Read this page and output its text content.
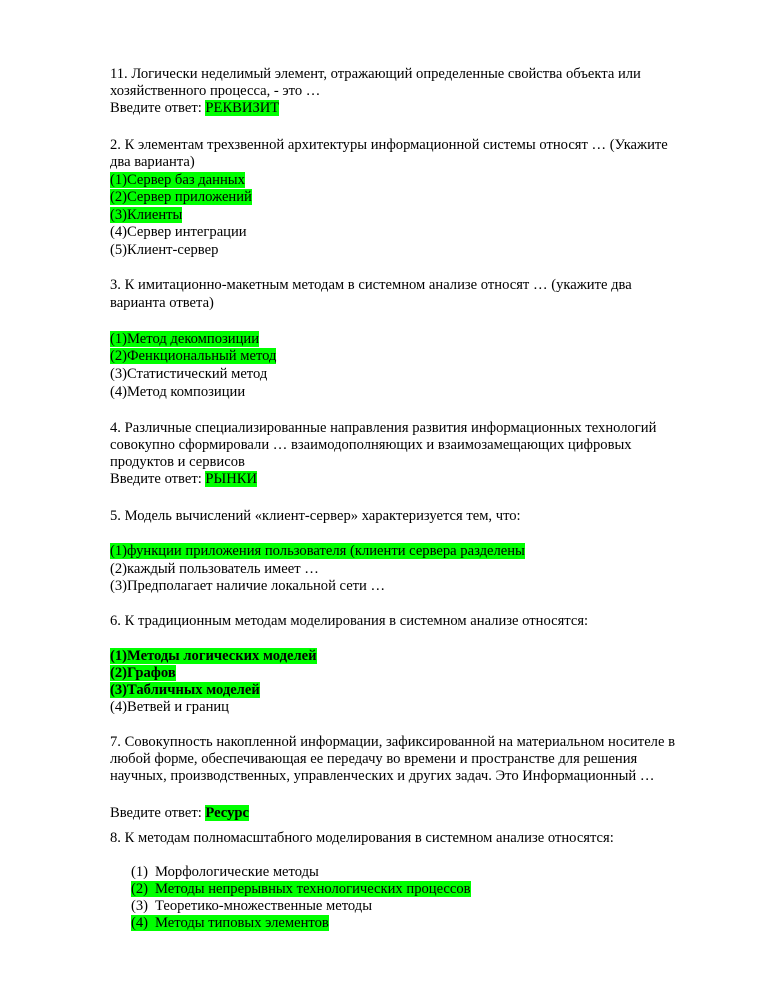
11. Логически неделимый элемент, отражающий определенные свойства объекта или
хозяйственного процесса, - это …
Введите ответ: РЕКВИЗИТ
2. К элементам трехзвенной архитектуры информационной системы относят … (Укажите
два варианта)
(1)Сервер баз данных
(2)Сервер приложений
(3)Клиенты
(4)Сервер интеграции
(5)Клиент-сервер
3. К имитационно-макетным методам в системном анализе относят … (укажите два
варианта ответа)
(1)Метод декомпозиции
(2)Фенкциональный метод
(3)Статистический метод
(4)Метод композиции
4. Различные специализированные направления развития информационных технологий
совокупно сформировали … взаимодополняющих и взаимозамещающих цифровых
продуктов и сервисов
Введите ответ: РЫНКИ
5. Модель вычислений «клиент-сервер» характеризуется тем, что:
(1)функции приложения пользователя (клиенти сервера разделены
(2)каждый пользователь имеет …
(3)Предполагает наличие локальной сети …
6. К традиционным методам моделирования в системном анализе относятся:
(1)Методы логических моделей
(2)Графов
(3)Табличных моделей
(4)Ветвей и границ
7. Совокупность накопленной информации, зафиксированной на материальном носителе в
любой форме, обеспечивающая ее передачу во времени и пространстве для решения
научных, производственных, управленческих и других задач. Это Информационный …
Введите ответ: Ресурс
8. К методам полномасштабного моделирования в системном анализе относятся:
(1) Морфологические методы
(2) Методы непрерывных технологических процессов
(3) Теоретико-множественные методы
(4) Методы типовых элементов
